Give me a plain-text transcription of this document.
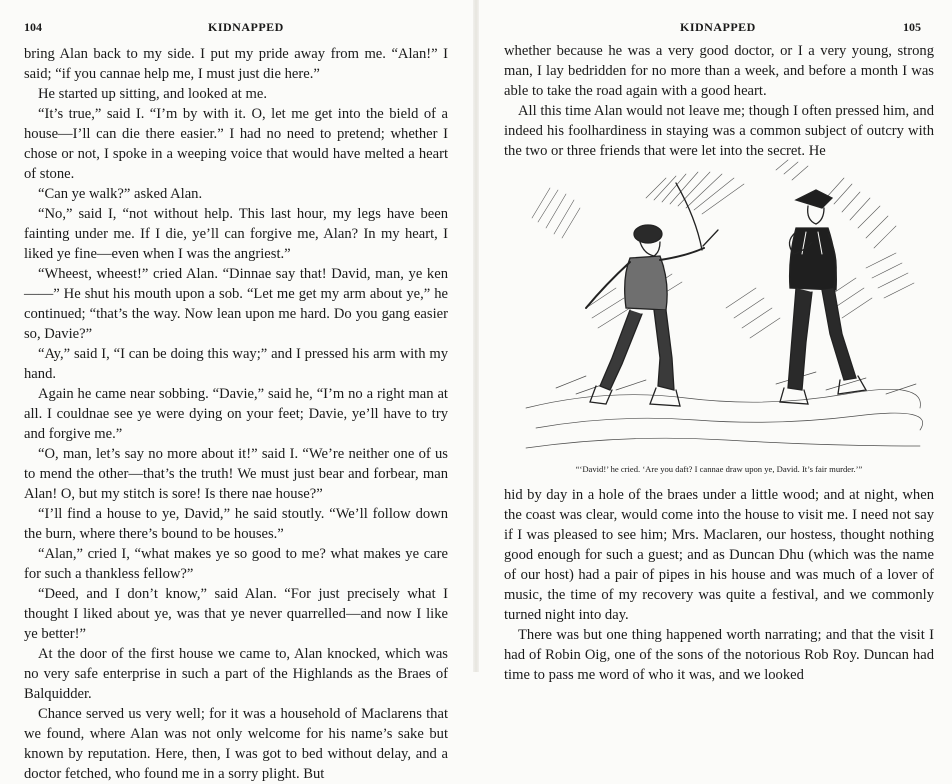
104	KIDNAPPED

bring Alan back to my side. I put my pride away from me. “Alan!” I said; “if you cannae help me, I must just die here.”

He started up sitting, and looked at me.

“It’s true,” said I. “I’m by with it. O, let me get into the bield of a house—I’ll can die there easier.” I had no need to pretend; whether I chose or not, I spoke in a weeping voice that would have melted a heart of stone.

“Can ye walk?” asked Alan.

“No,” said I, “not without help. This last hour, my legs have been fainting under me. If I die, ye’ll can forgive me, Alan? In my heart, I liked ye fine—even when I was the angriest.”

“Wheest, wheest!” cried Alan. “Dinnae say that! David, man, ye ken——” He shut his mouth upon a sob. “Let me get my arm about ye,” he continued; “that’s the way. Now lean upon me hard. Do you gang easier so, Davie?”

“Ay,” said I, “I can be doing this way;” and I pressed his arm with my hand.

Again he came near sobbing. “Davie,” said he, “I’m no a right man at all. I couldnae see ye were dying on your feet; Davie, ye’ll have to try and forgive me.”

“O, man, let’s say no more about it!” said I. “We’re neither one of us to mend the other—that’s the truth! We must just bear and forbear, man Alan! O, but my stitch is sore! Is there nae house?”

“I’ll find a house to ye, David,” he said stoutly. “We’ll follow down the burn, where there’s bound to be houses.”

“Alan,” cried I, “what makes ye so good to me? what makes ye care for such a thankless fellow?”

“Deed, and I don’t know,” said Alan. “For just precisely what I thought I liked about ye, was that ye never quarrelled—and now I like ye better!”

At the door of the first house we came to, Alan knocked, which was no very safe enterprise in such a part of the Highlands as the Braes of Balquidder.

Chance served us very well; for it was a household of Maclarens that we found, where Alan was not only welcome for his name’s sake but known by reputation. Here, then, I was got to bed without delay, and a doctor fetched, who found me in a sorry plight. But

KIDNAPPED	105

whether because he was a very good doctor, or I a very young, strong man, I lay bedridden for no more than a week, and before a month I was able to take the road again with a good heart.

All this time Alan would not leave me; though I often pressed him, and indeed his foolhardiness in staying was a common subject of outcry with the two or three friends that were let into the secret. He

“‘David!’ he cried. ‘Are you daft? I cannae draw upon ye, David. It’s fair murder.’”

hid by day in a hole of the braes under a little wood; and at night, when the coast was clear, would come into the house to visit me. I need not say if I was pleased to see him; Mrs. Maclaren, our hostess, thought nothing good enough for such a guest; and as Duncan Dhu (which was the name of our host) had a pair of pipes in his house and was much of a lover of music, the time of my recovery was quite a festival, and we commonly turned night into day.

There was but one thing happened worth narrating; and that the visit I had of Robin Oig, one of the sons of the notorious Rob Roy. Duncan had time to pass me word of who it was, and we looked
